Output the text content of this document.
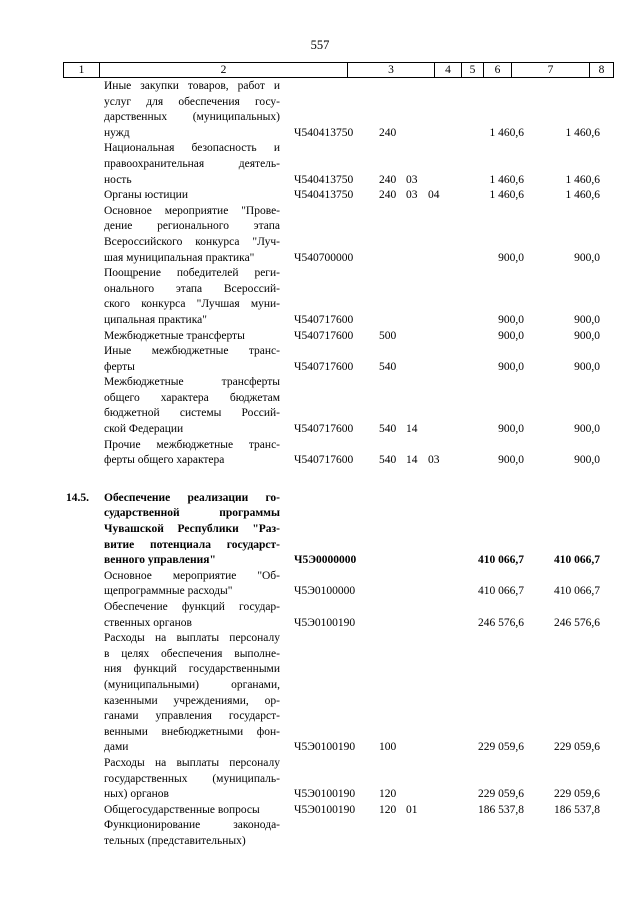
557
1	2	3	4	5	6	7	8
Иные закупки товаров, работ и
услуг для обеспечения госу-
дарственных (муниципальных)
нужд	Ч540413750 240	1 460,6	1 460,6
Национальная безопасность и
правоохранительная деятель-
ность	Ч540413750 240 03	1 460,6	1 460,6
Органы юстиции	Ч540413750 240 03 04	1 460,6	1 460,6
Основное мероприятие "Прове-
дение регионального этапа
Всероссийского конкурса "Луч-
шая муниципальная практика"	Ч540700000	900,0	900,0
Поощрение победителей реги-
онального этапа Всероссий-
ского конкурса "Лучшая муни-
ципальная практика"	Ч540717600	900,0	900,0
Межбюджетные трансферты	Ч540717600 500	900,0	900,0
Иные межбюджетные транс-
ферты	Ч540717600 540	900,0	900,0
Межбюджетные трансферты
общего характера бюджетам
бюджетной системы Россий-
ской Федерации	Ч540717600 540 14	900,0	900,0
Прочие межбюджетные транс-
ферты общего характера	Ч540717600 540 14 03	900,0	900,0
14.5.	Обеспечение реализации го-
сударственной программы
Чувашской Республики "Раз-
витие потенциала государст-
венного управления"	Ч5Э0000000	410 066,7	410 066,7
Основное мероприятие "Об-
щепрограммные расходы"	Ч5Э0100000	410 066,7	410 066,7
Обеспечение функций государ-
ственных органов	Ч5Э0100190	246 576,6	246 576,6
Расходы на выплаты персоналу
в целях обеспечения выполне-
ния функций государственными
(муниципальными) органами,
казенными учреждениями, ор-
ганами управления государст-
венными внебюджетными фон-
дами	Ч5Э0100190 100	229 059,6	229 059,6
Расходы на выплаты персоналу
государственных (муниципаль-
ных) органов	Ч5Э0100190 120	229 059,6	229 059,6
Общегосударственные вопросы	Ч5Э0100190 120 01	186 537,8	186 537,8
Функционирование законода-
тельных (представительных)
